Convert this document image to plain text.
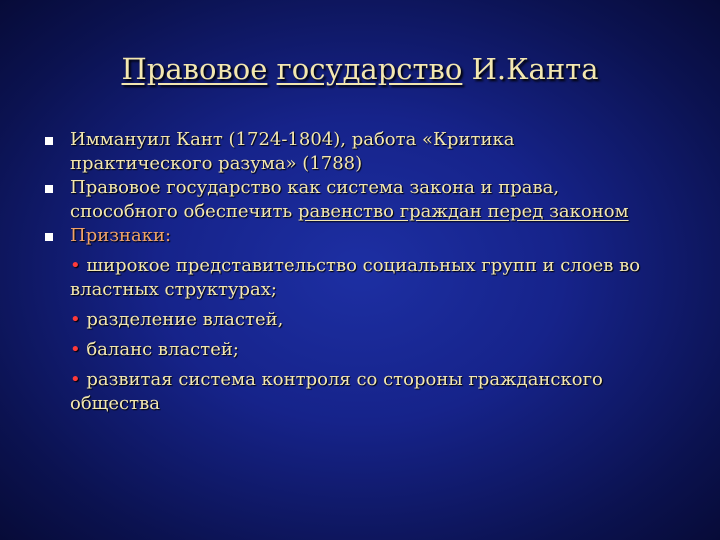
Правовое государство И.Канта
Иммануил Кант (1724-1804), работа «Критика практического разума» (1788)
Правовое государство как система закона и права, способного обеспечить равенство граждан перед законом
Признаки:
• широкое представительство социальных групп и слоев во властных структурах;
• разделение властей,
• баланс властей;
• развитая система контроля со стороны гражданского общества
